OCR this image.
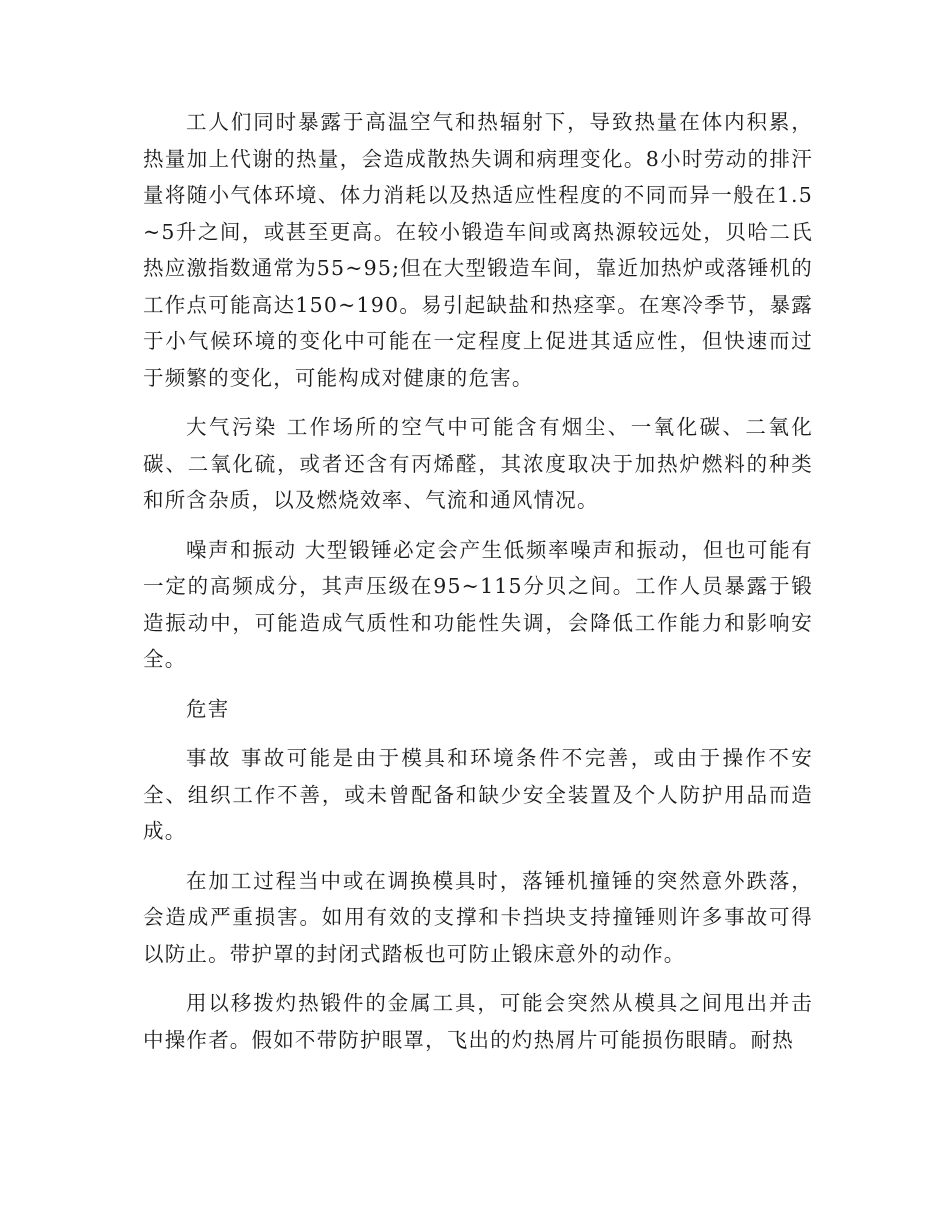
工人们同时暴露于高温空气和热辐射下，导致热量在体内积累，热量加上代谢的热量，会造成散热失调和病理变化。8小时劳动的排汗量将随小气体环境、体力消耗以及热适应性程度的不同而异一般在1.5~5升之间，或甚至更高。在较小锻造车间或离热源较远处，贝哈二氏热应激指数通常为55~95;但在大型锻造车间，靠近加热炉或落锤机的工作点可能高达150~190。易引起缺盐和热痉挛。在寒冷季节，暴露于小气候环境的变化中可能在一定程度上促进其适应性，但快速而过于频繁的变化，可能构成对健康的危害。

大气污染 工作场所的空气中可能含有烟尘、一氧化碳、二氧化碳、二氧化硫，或者还含有丙烯醛，其浓度取决于加热炉燃料的种类和所含杂质，以及燃烧效率、气流和通风情况。

噪声和振动 大型锻锤必定会产生低频率噪声和振动，但也可能有一定的高频成分，其声压级在95~115分贝之间。工作人员暴露于锻造振动中，可能造成气质性和功能性失调，会降低工作能力和影响安全。

危害

事故 事故可能是由于模具和环境条件不完善，或由于操作不安全、组织工作不善，或未曾配备和缺少安全装置及个人防护用品而造成。

在加工过程当中或在调换模具时，落锤机撞锤的突然意外跌落，会造成严重损害。如用有效的支撑和卡挡块支持撞锤则许多事故可得以防止。带护罩的封闭式踏板也可防止锻床意外的动作。

用以移拨灼热锻件的金属工具，可能会突然从模具之间甩出并击中操作者。假如不带防护眼罩，飞出的灼热屑片可能损伤眼睛。耐热
